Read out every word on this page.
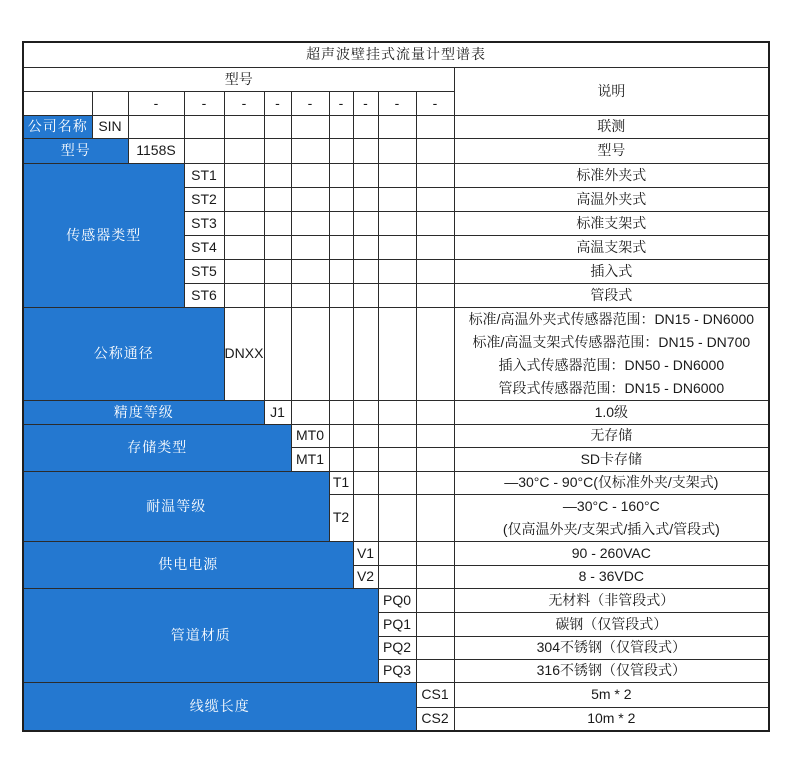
超声波壁挂式流量计型谱表											
型号											说明
		-	-	-	-	-	-	-	-	-	
公司名称	SIN										联测
型号		1158S									型号
传感器类型			ST1								标准外夹式
			ST2								高温外夹式
			ST3								标准支架式
			ST4								高温支架式
			ST5								插入式
			ST6								管段式
公称通径				DNXX							标准/高温外夹式传感器范围：DN15 - DN6000
标准/高温支架式传感器范围：DN15 - DN700
插入式传感器范围：DN50 - DN6000
管段式传感器范围：DN15 - DN6000

精度等级					J1						1.0级
存储类型						MT0					无存储
						MT1					SD卡存储
耐温等级							T1				—30°C - 90°C(仅标准外夹/支架式)
							T2				—30°C - 160°C
(仅高温外夹/支架式/插入式/管段式)

供电电源								V1			90 - 260VAC
								V2			8 - 36VDC
管道材质									PQ0		无材料（非管段式）
									PQ1		碳钢（仅管段式）
									PQ2		304不锈钢（仅管段式）
									PQ3		316不锈钢（仅管段式）
线缆长度										CS1	5m * 2
										CS2	10m * 2
